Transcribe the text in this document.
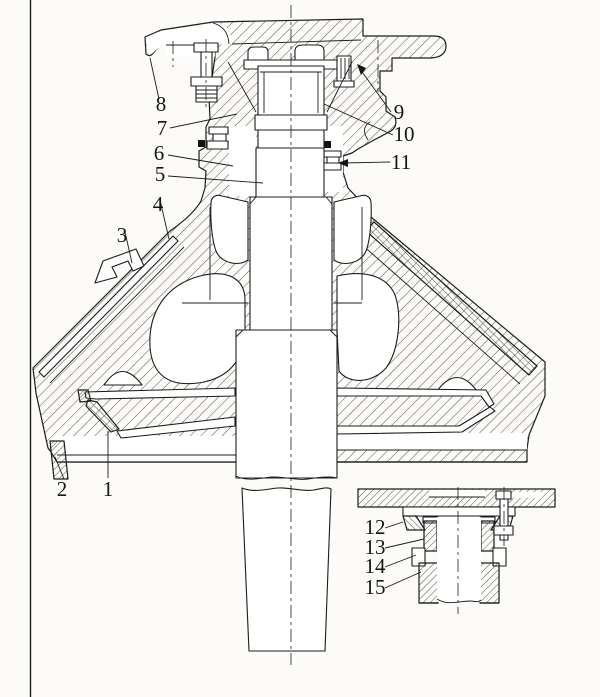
1
2
3
4
5
6
7
8	9
10
11
12
13
14
15
